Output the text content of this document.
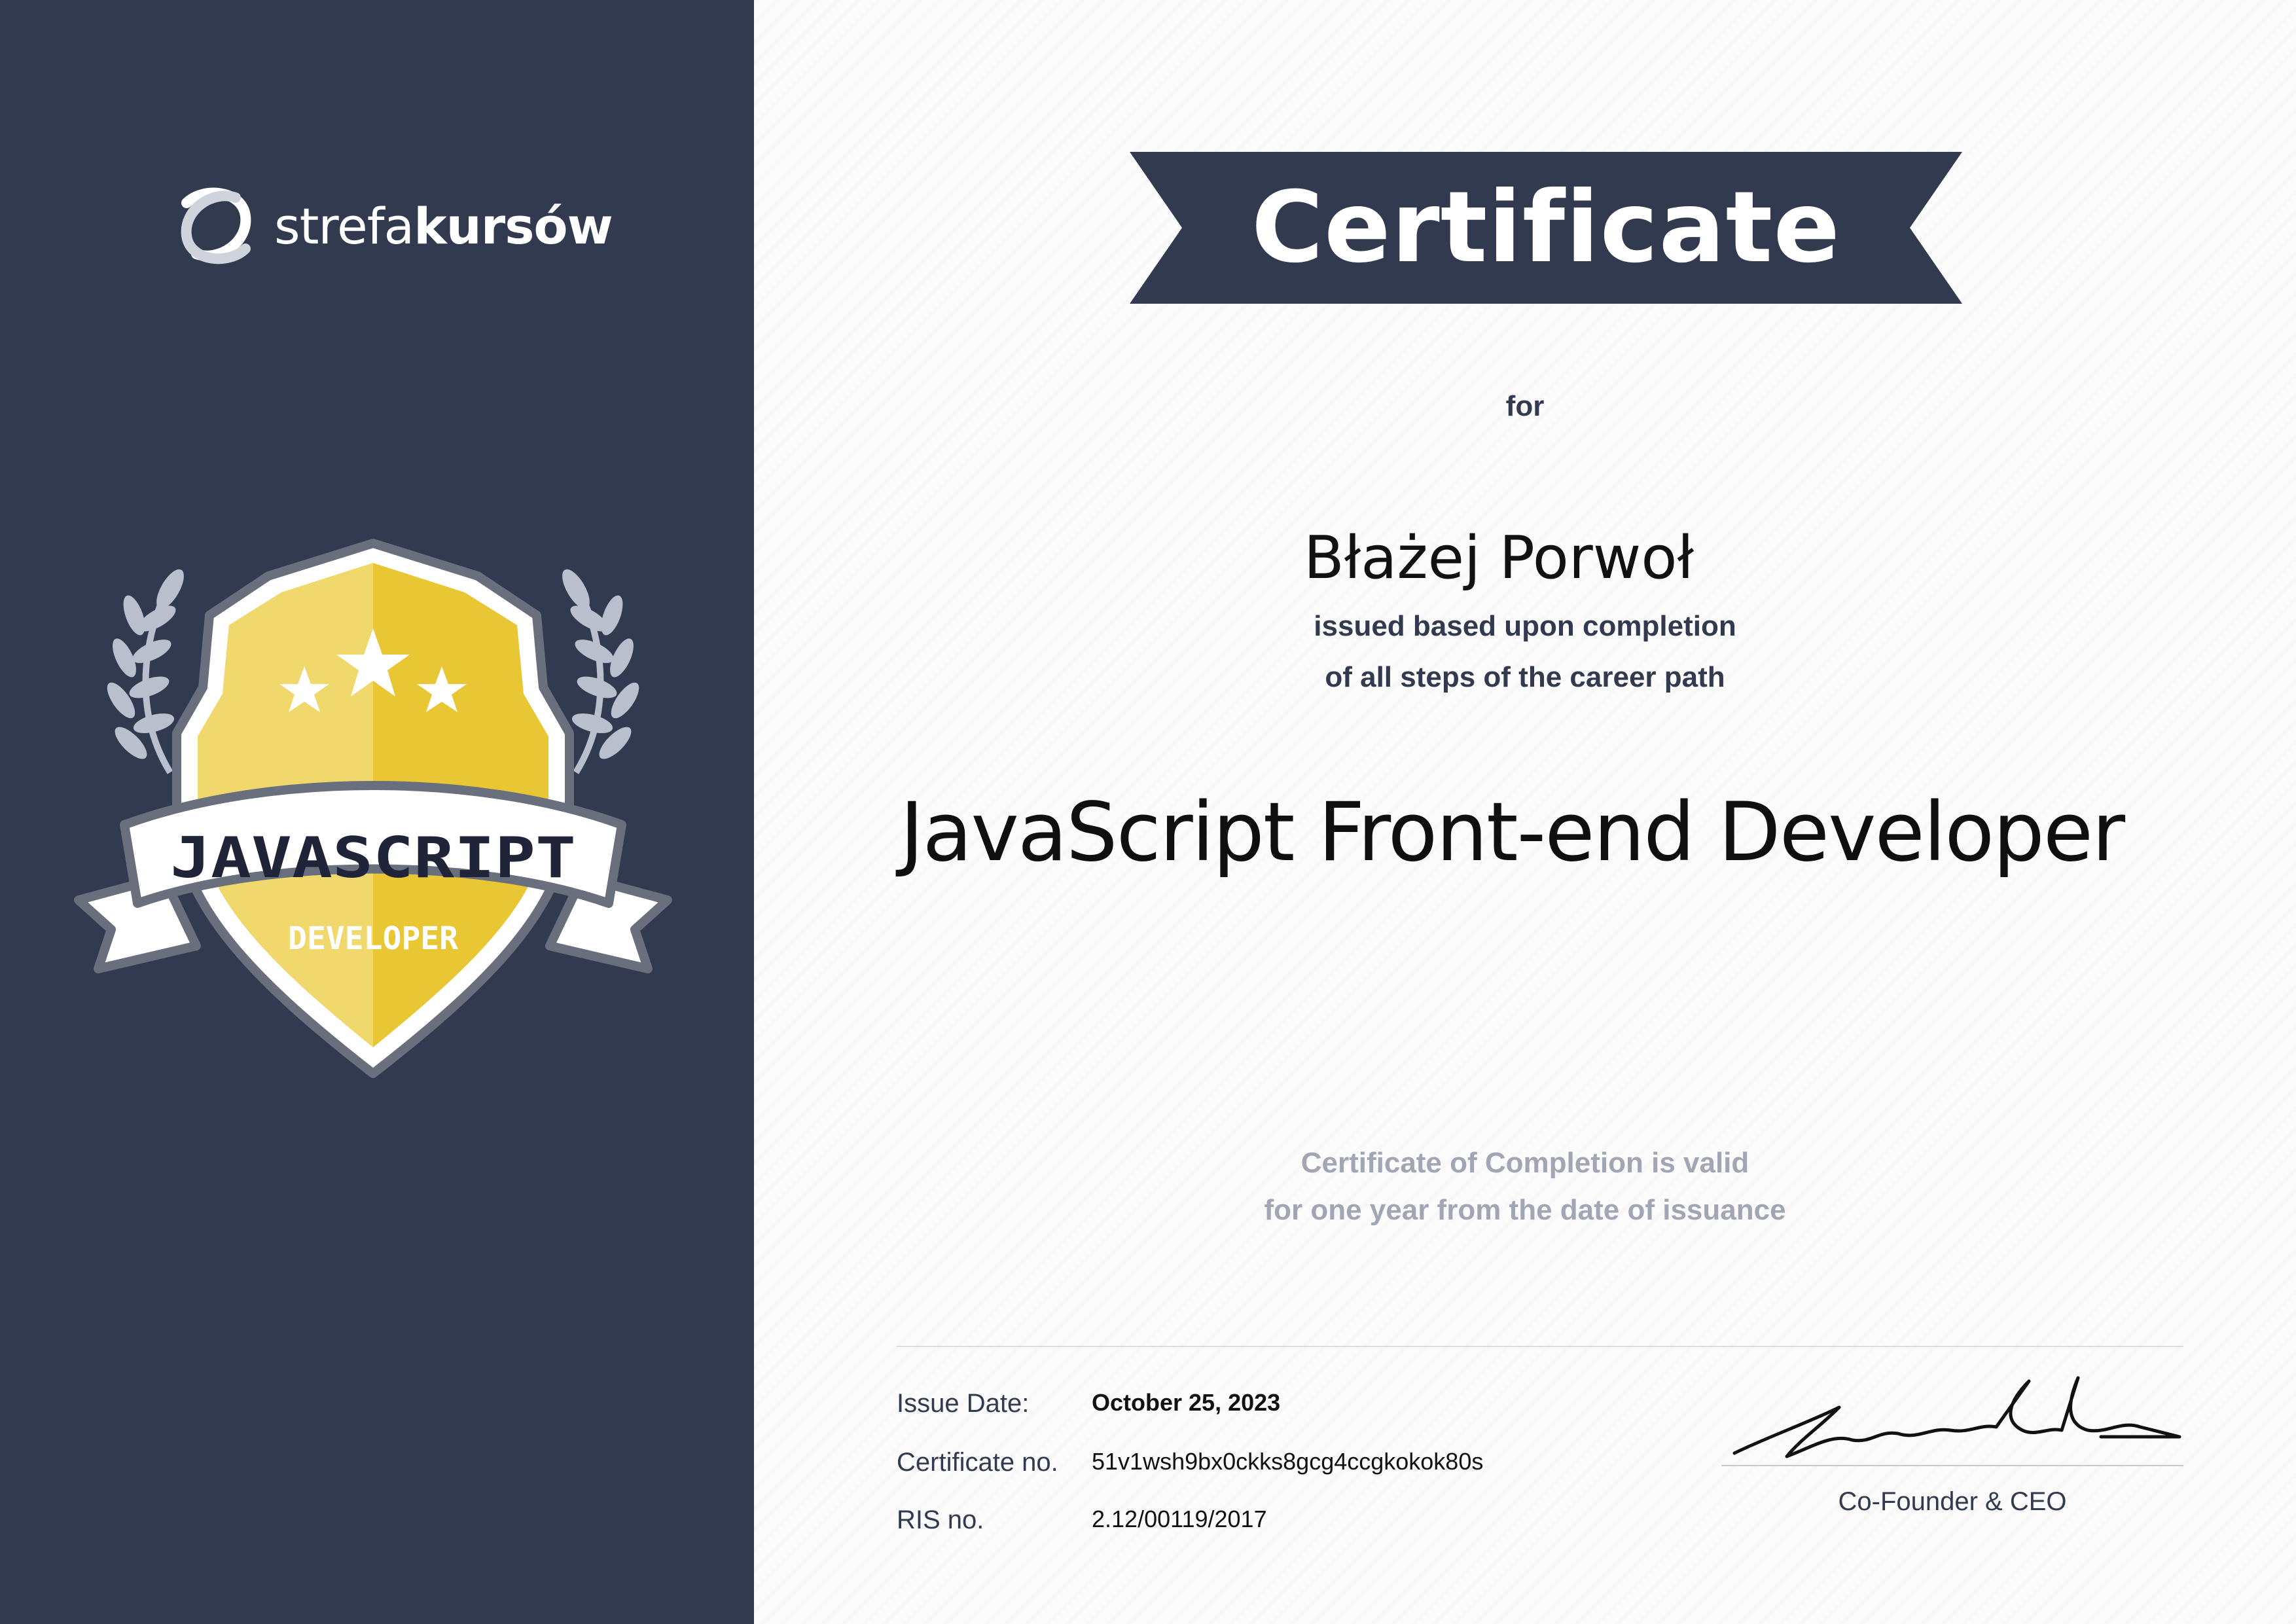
strefakursów
JAVASCRIPT
DEVELOPER
Certificate
for
Błażej Porwoł
issued based upon completion
of all steps of the career path
JavaScript Front-end Developer
Certificate of Completion is valid
for one year from the date of issuance
Issue Date:	October 25, 2023
Certificate no. 51v1wsh9bx0ckks8gcg4ccgkokok80s
RIS no.	2.12/00119/2017
Co-Founder & CEO
